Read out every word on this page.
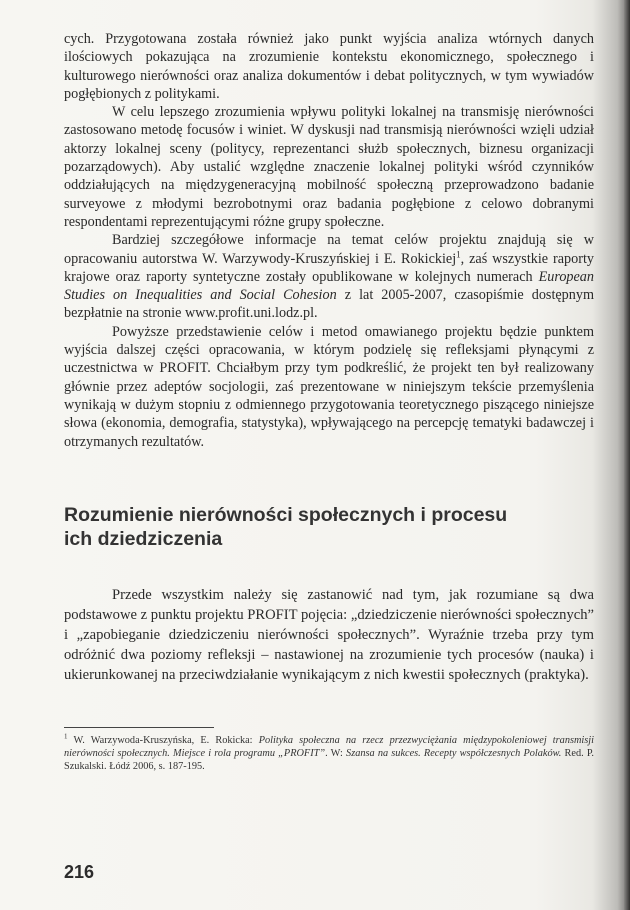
cych. Przygotowana została również jako punkt wyjścia analiza wtórnych danych ilościowych pokazująca na zrozumienie kontekstu ekonomicznego, społecznego i kulturowego nierówności oraz analiza dokumentów i debat politycznych, w tym wywiadów pogłębionych z politykami.

W celu lepszego zrozumienia wpływu polityki lokalnej na transmisję nierówności zastosowano metodę focusów i winiet. W dyskusji nad transmisją nierówności wzięli udział aktorzy lokalnej sceny (politycy, reprezentanci służb społecznych, biznesu organizacji pozarządowych). Aby ustalić względne znaczenie lokalnej polityki wśród czynników oddziałujących na międzygeneracyjną mobilność społeczną przeprowadzono badanie surveyowe z młodymi bezrobotnymi oraz badania pogłębione z celowo dobranymi respondentami reprezentującymi różne grupy społeczne.

Bardziej szczegółowe informacje na temat celów projektu znajdują się w opracowaniu autorstwa W. Warzywody-Kruszyńskiej i E. Rokickiej$^1$, zaś wszystkie raporty krajowe oraz raporty syntetyczne zostały opublikowane w kolejnych numerach European Studies on Inequalities and Social Cohesion z lat 2005-2007, czasopiśmie dostępnym bezpłatnie na stronie www.profit.uni.lodz.pl.

Powyższe przedstawienie celów i metod omawianego projektu będzie punktem wyjścia dalszej części opracowania, w którym podzielę się refleksjami płynącymi z uczestnictwa w PROFIT. Chciałbym przy tym podkreślić, że projekt ten był realizowany głównie przez adeptów socjologii, zaś prezentowane w niniejszym tekście przemyślenia wynikają w dużym stopniu z odmiennego przygotowania teoretycznego piszącego niniejsze słowa (ekonomia, demografia, statystyka), wpływającego na percepcję tematyki badawczej i otrzymanych rezultatów.

Rozumienie nierówności społecznych i procesu ich dziedziczenia

Przede wszystkim należy się zastanowić nad tym, jak rozumiane są dwa podstawowe z punktu projektu PROFIT pojęcia: „dziedziczenie nierówności społecznych” i „zapobieganie dziedziczeniu nierówności społecznych”. Wyraźnie trzeba przy tym odróżnić dwa poziomy refleksji – nastawionej na zrozumienie tych procesów (nauka) i ukierunkowanej na przeciwdziałanie wynikającym z nich kwestii społecznych (praktyka).

$^1$ W. Warzywoda-Kruszyńska, E. Rokicka: Polityka społeczna na rzecz przezwyciężania międzypokoleniowej transmisji nierówności społecznych. Miejsce i rola programu „PROFIT”. W: Szansa na sukces. Recepty współczesnych Polaków. Red. P. Szukalski. Łódź 2006, s. 187-195.

216
